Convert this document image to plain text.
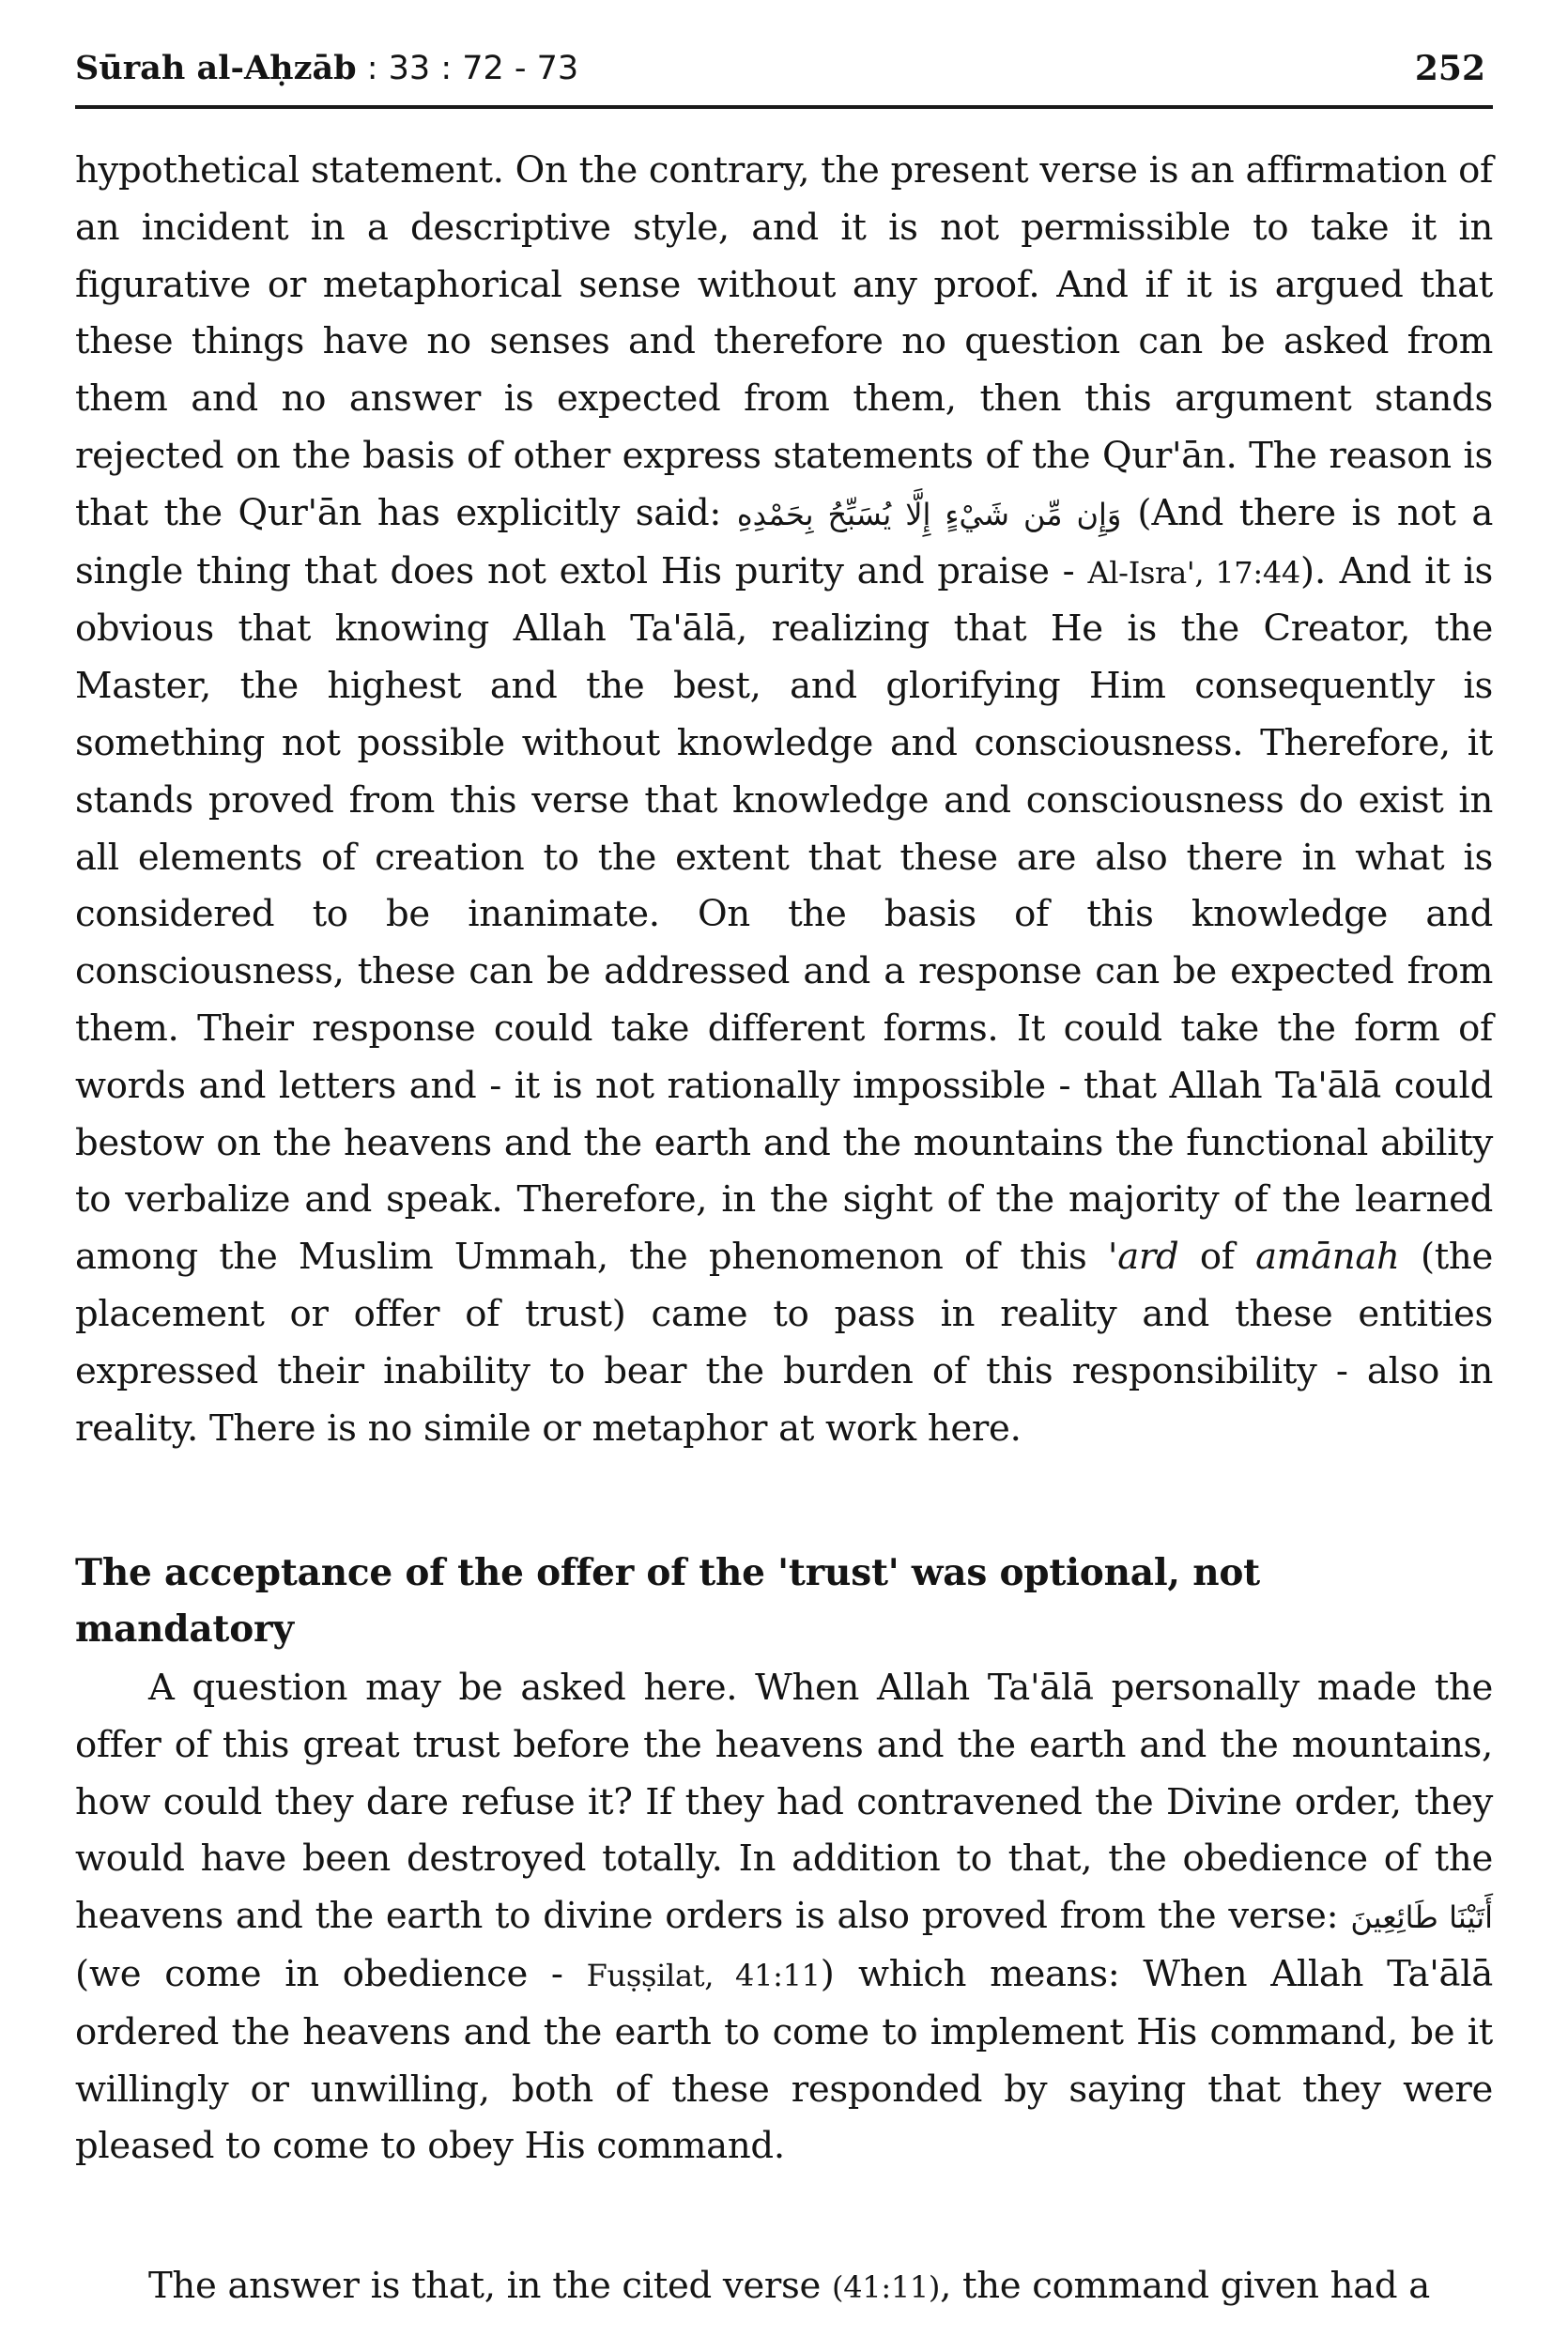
Sūrah al-Aḥzāb : 33 : 72 - 73	252

hypothetical statement. On the contrary, the present verse is an affirmation of an incident in a descriptive style, and it is not permissible to take it in figurative or metaphorical sense without any proof. And if it is argued that these things have no senses and therefore no question can be asked from them and no answer is expected from them, then this argument stands rejected on the basis of other express statements of the Qur'ān. The reason is that the Qur'ān has explicitly said: وَإِن مِّن شَيْءٍ إِلَّا يُسَبِّحُ بِحَمْدِهِ (And there is not a single thing that does not extol His purity and praise - Al-Isra', 17:44). And it is obvious that knowing Allah Ta'ālā, realizing that He is the Creator, the Master, the highest and the best, and glorifying Him consequently is something not possible without knowledge and consciousness. Therefore, it stands proved from this verse that knowledge and consciousness do exist in all elements of creation to the extent that these are also there in what is considered to be inanimate. On the basis of this knowledge and consciousness, these can be addressed and a response can be expected from them. Their response could take different forms. It could take the form of words and letters and - it is not rationally impossible - that Allah Ta'ālā could bestow on the heavens and the earth and the mountains the functional ability to verbalize and speak. Therefore, in the sight of the majority of the learned among the Muslim Ummah, the phenomenon of this 'ard of amānah (the placement or offer of trust) came to pass in reality and these entities expressed their inability to bear the burden of this responsibility - also in reality. There is no simile or metaphor at work here.

The acceptance of the offer of the 'trust' was optional, not mandatory

A question may be asked here. When Allah Ta'ālā personally made the offer of this great trust before the heavens and the earth and the mountains, how could they dare refuse it? If they had contravened the Divine order, they would have been destroyed totally. In addition to that, the obedience of the heavens and the earth to divine orders is also proved from the verse: أَتَيْنَا طَائِعِينَ (we come in obedience - Fuṣṣilat, 41:11) which means: When Allah Ta'ālā ordered the heavens and the earth to come to implement His command, be it willingly or unwilling, both of these responded by saying that they were pleased to come to obey His command.

The answer is that, in the cited verse (41:11), the command given had a
